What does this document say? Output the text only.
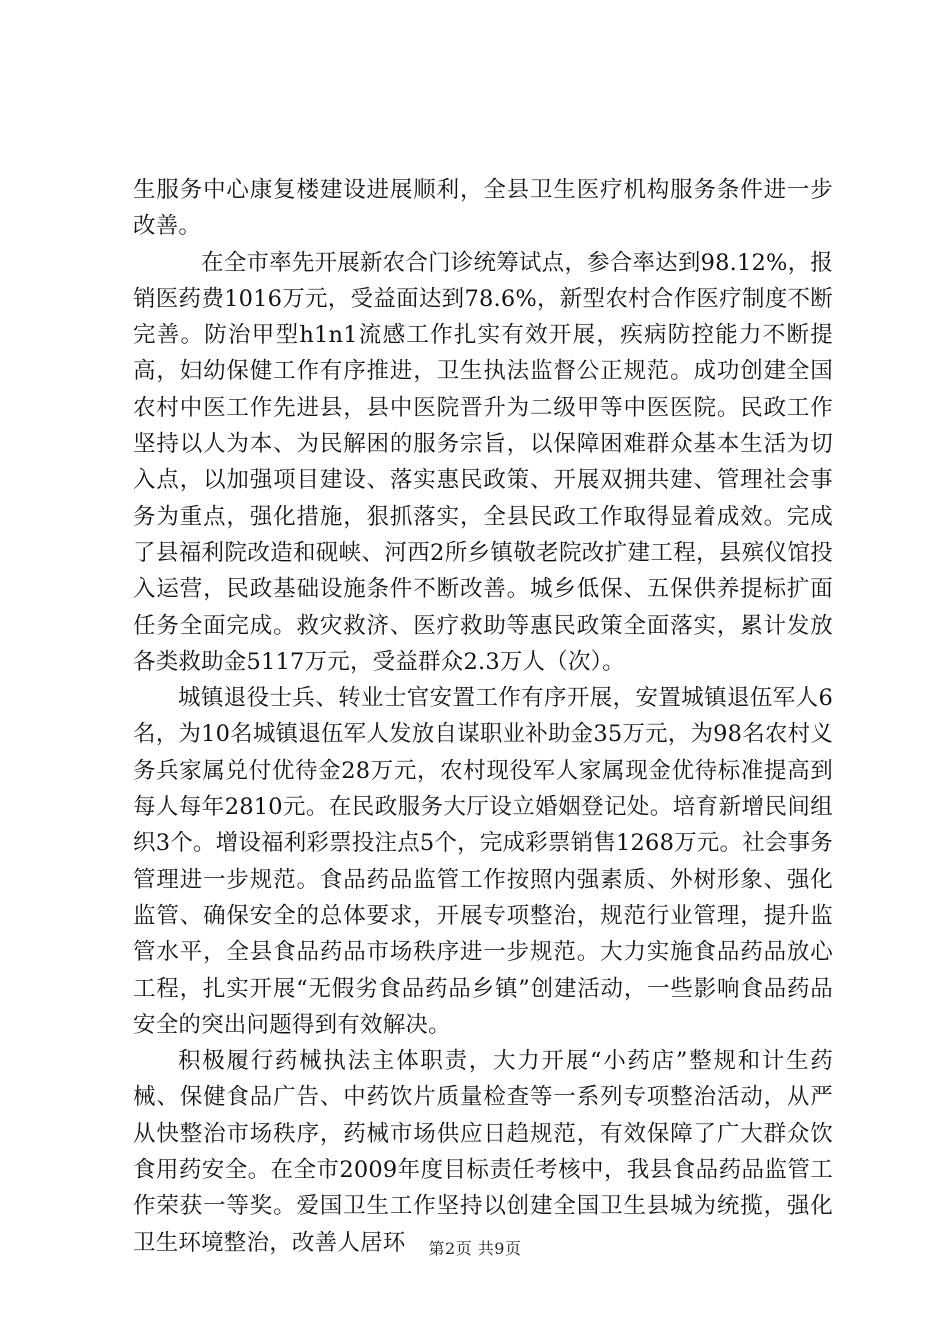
生服务中心康复楼建设进展顺利，全县卫生医疗机构服务条件进一步改善。

在全市率先开展新农合门诊统筹试点，参合率达到98.12%，报销医药费1016万元，受益面达到78.6%，新型农村合作医疗制度不断完善。防治甲型h1n1流感工作扎实有效开展，疾病防控能力不断提高，妇幼保健工作有序推进，卫生执法监督公正规范。成功创建全国农村中医工作先进县，县中医院晋升为二级甲等中医医院。民政工作坚持以人为本、为民解困的服务宗旨，以保障困难群众基本生活为切入点，以加强项目建设、落实惠民政策、开展双拥共建、管理社会事务为重点，强化措施，狠抓落实，全县民政工作取得显着成效。完成了县福利院改造和砚峡、河西2所乡镇敬老院改扩建工程，县殡仪馆投入运营，民政基础设施条件不断改善。城乡低保、五保供养提标扩面任务全面完成。救灾救济、医疗救助等惠民政策全面落实，累计发放各类救助金5117万元，受益群众2.3万人（次）。

城镇退役士兵、转业士官安置工作有序开展，安置城镇退伍军人6名，为10名城镇退伍军人发放自谋职业补助金35万元，为98名农村义务兵家属兑付优待金28万元，农村现役军人家属现金优待标准提高到每人每年2810元。在民政服务大厅设立婚姻登记处。培育新增民间组织3个。增设福利彩票投注点5个，完成彩票销售1268万元。社会事务管理进一步规范。食品药品监管工作按照内强素质、外树形象、强化监管、确保安全的总体要求，开展专项整治，规范行业管理，提升监管水平，全县食品药品市场秩序进一步规范。大力实施食品药品放心工程，扎实开展“无假劣食品药品乡镇”创建活动，一些影响食品药品安全的突出问题得到有效解决。

积极履行药械执法主体职责，大力开展“小药店”整规和计生药械、保健食品广告、中药饮片质量检查等一系列专项整治活动，从严从快整治市场秩序，药械市场供应日趋规范，有效保障了广大群众饮食用药安全。在全市2009年度目标责任考核中，我县食品药品监管工作荣获一等奖。爱国卫生工作坚持以创建全国卫生县城为统揽，强化卫生环境整治，改善人居环	第2页 共9页
